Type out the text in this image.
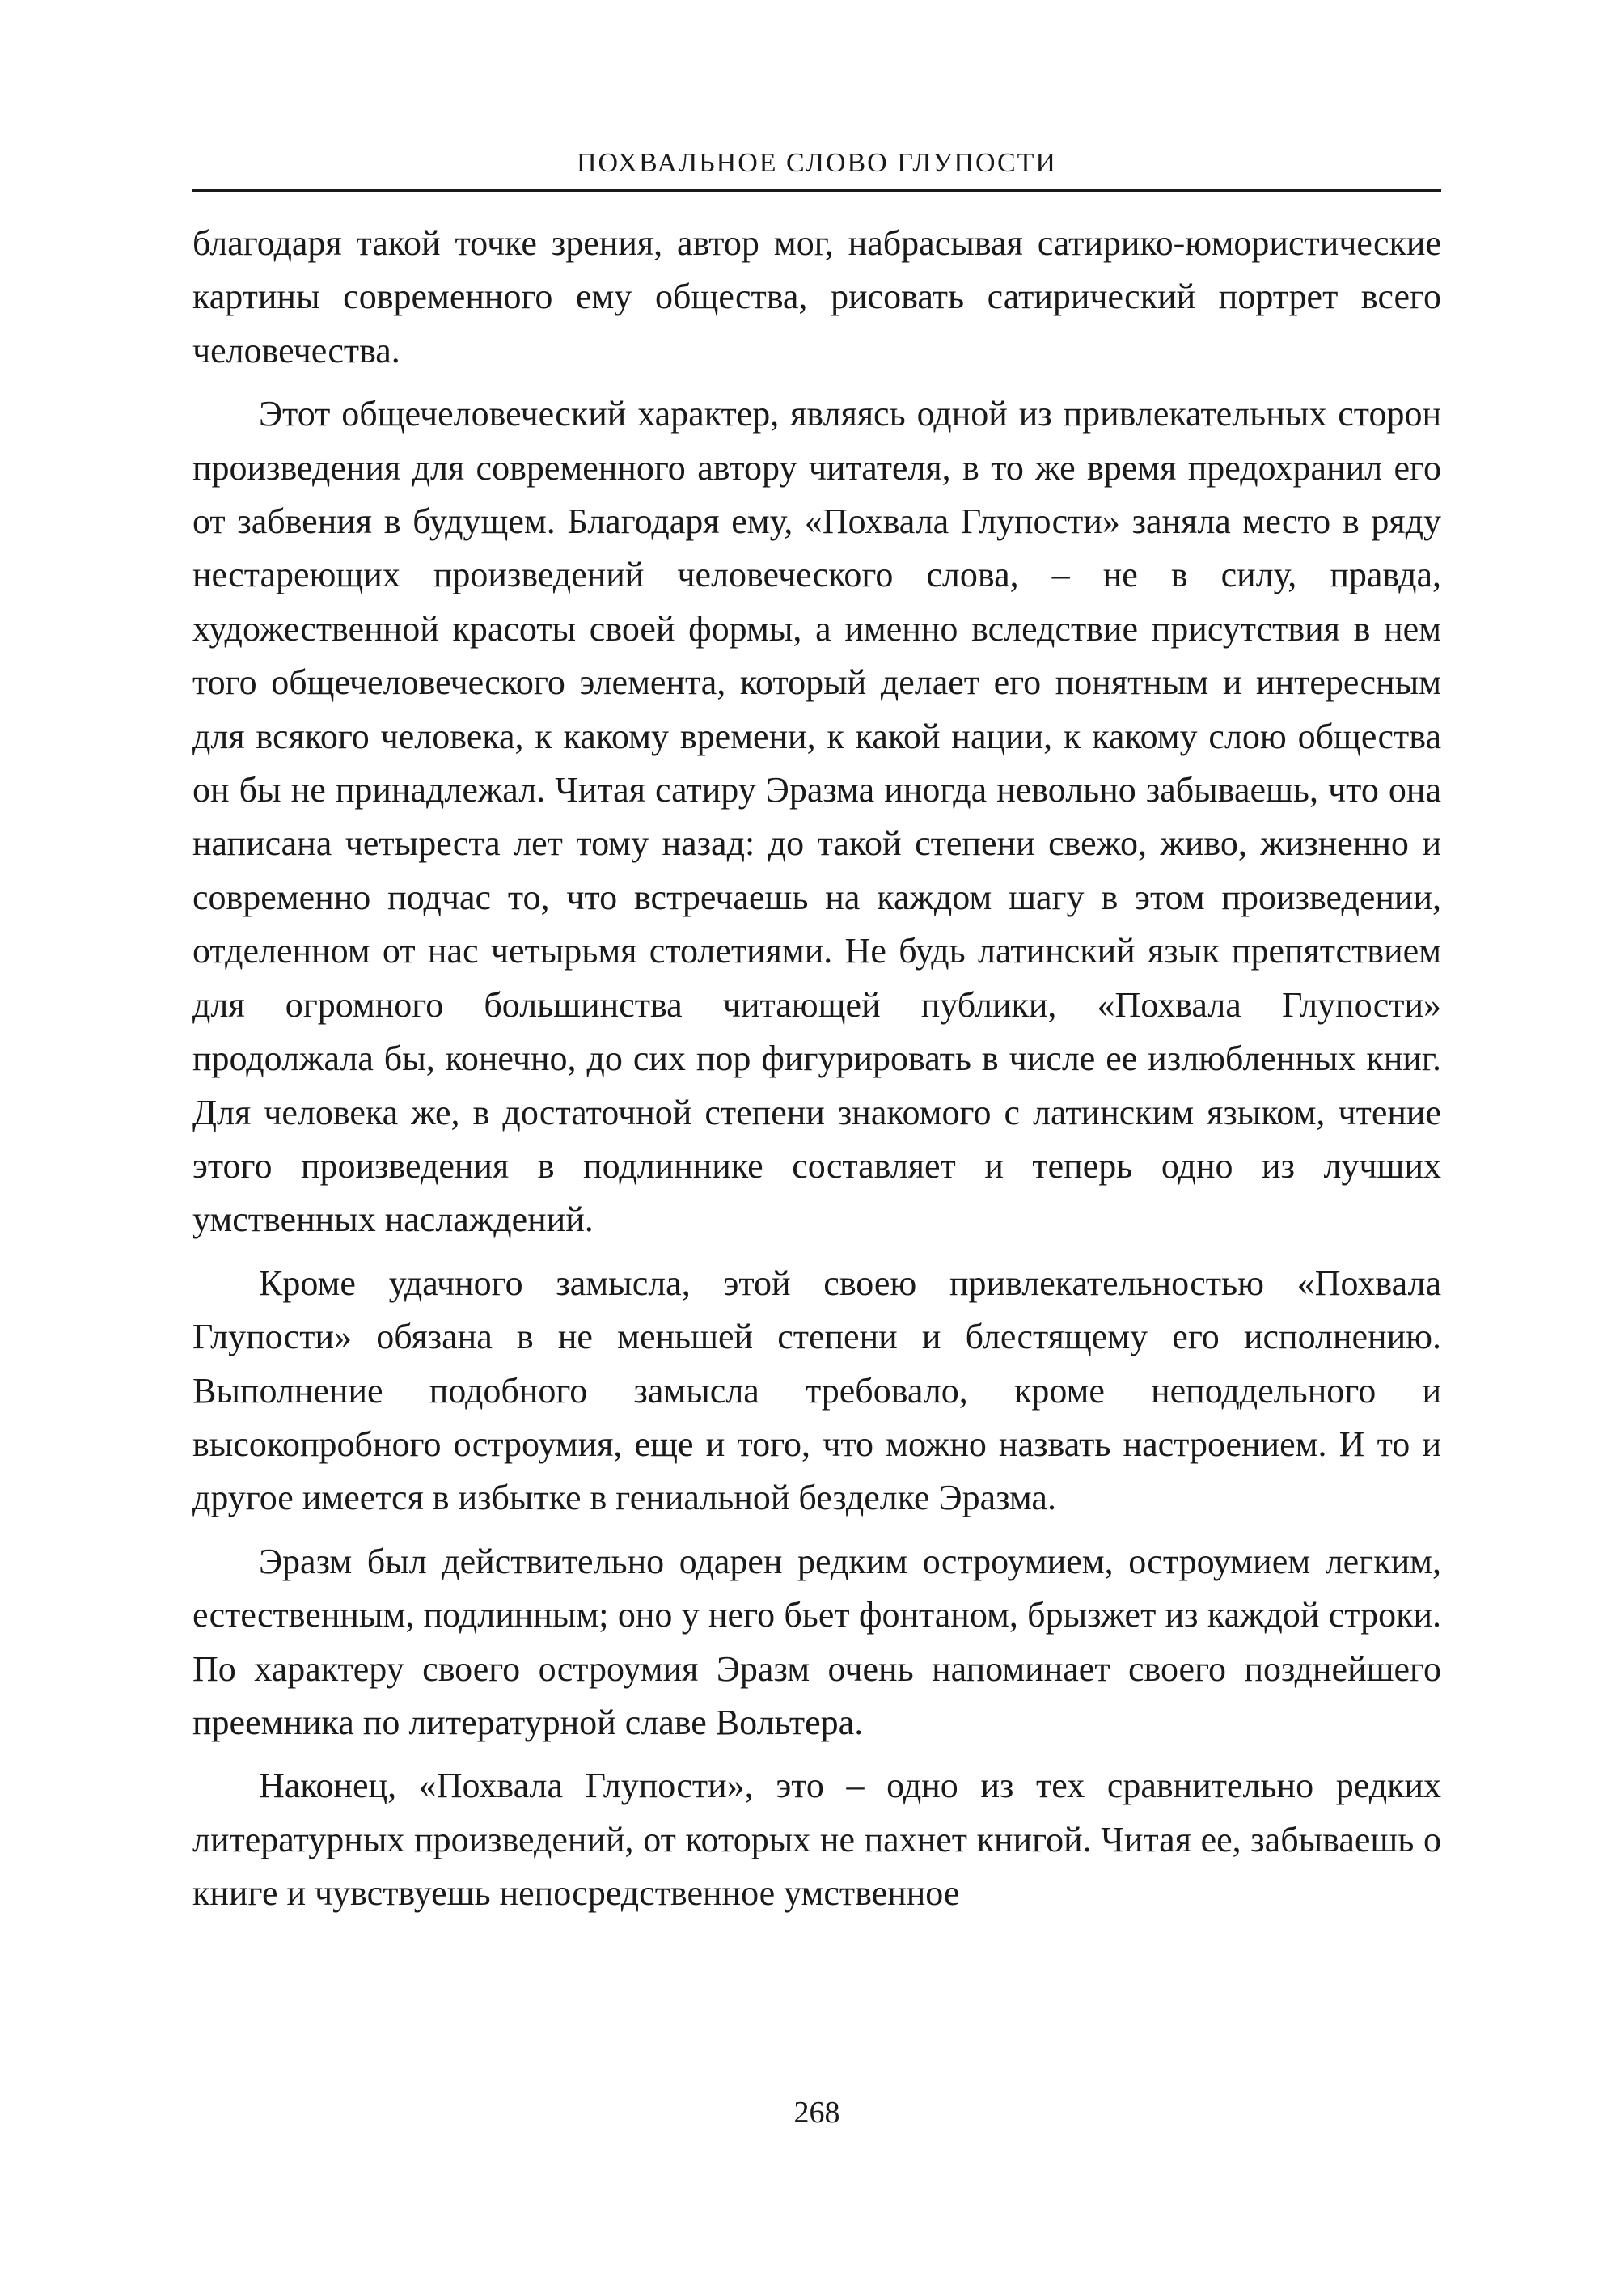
ПОХВАЛЬНОЕ СЛОВО ГЛУПОСТИ

благодаря такой точке зрения, автор мог, набрасывая сатирико-юмористические картины современного ему общества, рисовать сатирический портрет всего человечества.

Этот общечеловеческий характер, являясь одной из привлекательных сторон произведения для современного автору читателя, в то же время предохранил его от забвения в будущем. Благодаря ему, «Похвала Глупости» заняла место в ряду нестареющих произведений человеческого слова, – не в силу, правда, художественной красоты своей формы, а именно вследствие присутствия в нем того общечеловеческого элемента, который делает его понятным и интересным для всякого человека, к какому времени, к какой нации, к какому слою общества он бы не принадлежал. Читая сатиру Эразма иногда невольно забываешь, что она написана четыреста лет тому назад: до такой степени свежо, живо, жизненно и современно подчас то, что встречаешь на каждом шагу в этом произведении, отделенном от нас четырьмя столетиями. Не будь латинский язык препятствием для огромного большинства читающей публики, «Похвала Глупости» продолжала бы, конечно, до сих пор фигурировать в числе ее излюбленных книг. Для человека же, в достаточной степени знакомого с латинским языком, чтение этого произведения в подлиннике составляет и теперь одно из лучших умственных наслаждений.

Кроме удачного замысла, этой своею привлекательностью «Похвала Глупости» обязана в не меньшей степени и блестящему его исполнению. Выполнение подобного замысла требовало, кроме неподдельного и высокопробного остроумия, еще и того, что можно назвать настроением. И то и другое имеется в избытке в гениальной безделке Эразма.

Эразм был действительно одарен редким остроумием, остроумием легким, естественным, подлинным; оно у него бьет фонтаном, брызжет из каждой строки. По характеру своего остроумия Эразм очень напоминает своего позднейшего преемника по литературной славе Вольтера.

Наконец, «Похвала Глупости», это – одно из тех сравнительно редких литературных произведений, от которых не пахнет книгой. Читая ее, забываешь о книге и чувствуешь непосредственное умственное

268
